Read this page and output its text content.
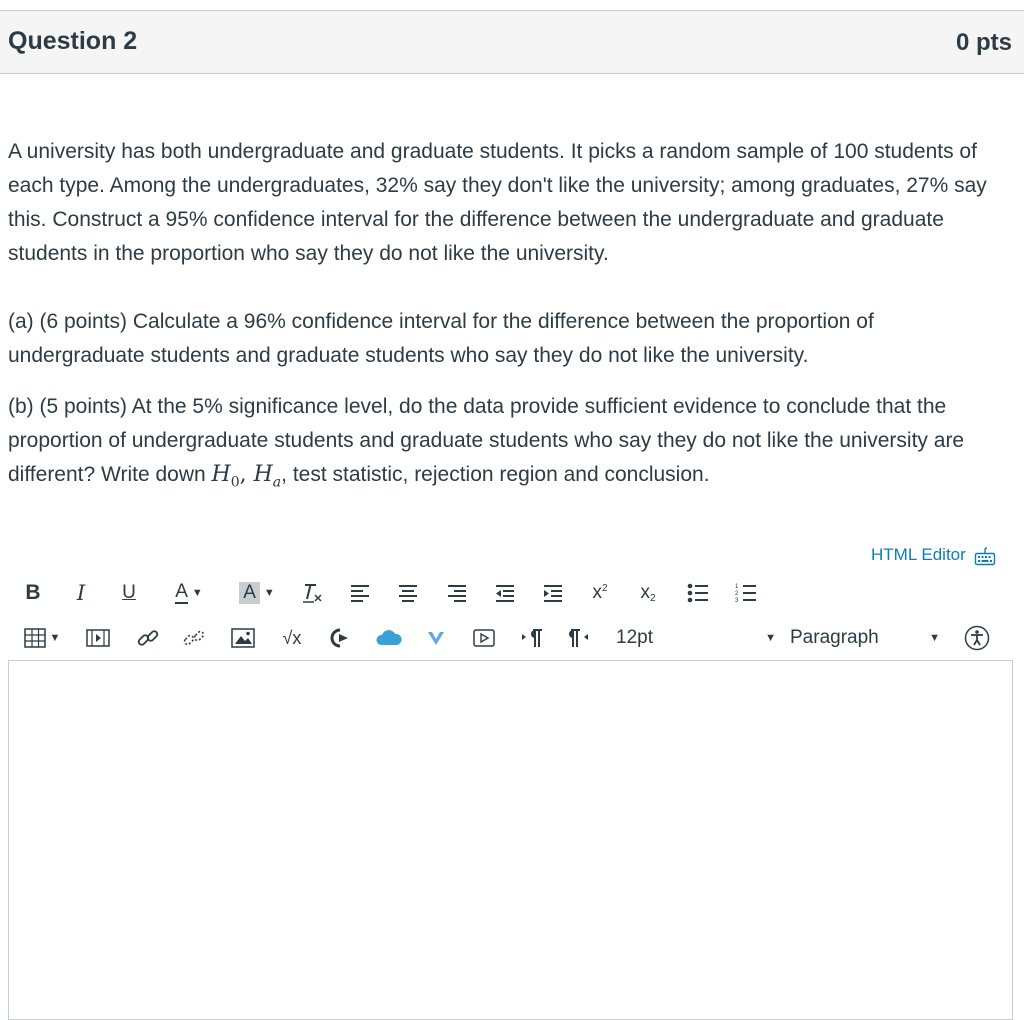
Question 2	0 pts

A university has both undergraduate and graduate students. It picks a random sample of 100 students of each type. Among the undergraduates, 32% say they don't like the university; among graduates, 27% say this. Construct a 95% confidence interval for the difference between the undergraduate and graduate students in the proportion who say they do not like the university.

(a) (6 points) Calculate a 96% confidence interval for the difference between the proportion of undergraduate students and graduate students who say they do not like the university.

(b) (5 points) At the 5% significance level, do the data provide sufficient evidence to conclude that the proportion of undergraduate students and graduate students who say they do not like the university are different? Write down $H_0$, $H_a$, test statistic, rejection region and conclusion.

HTML Editor
B	I	U	A ▼ A ▼	$x^2$ $x_2$
1
2
3
▼	√x	12pt	▼ Paragraph	▼
